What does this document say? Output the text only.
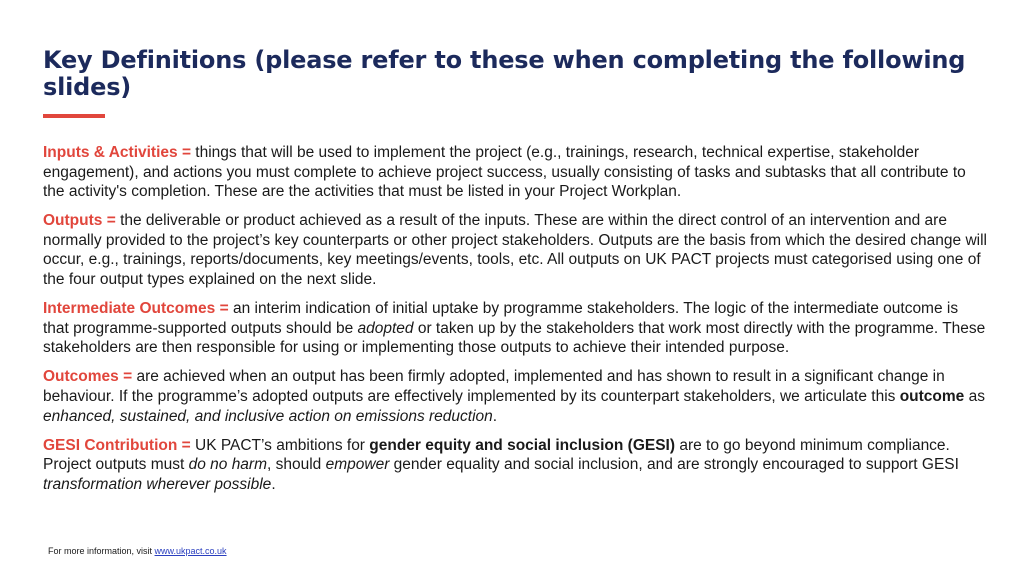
Key Definitions (please refer to these when completing the following slides)

Inputs & Activities = things that will be used to implement the project (e.g., trainings, research, technical expertise, stakeholder engagement), and actions you must complete to achieve project success, usually consisting of tasks and subtasks that all contribute to the activity's completion. These are the activities that must be listed in your Project Workplan.

Outputs = the deliverable or product achieved as a result of the inputs. These are within the direct control of an intervention and are normally provided to the project’s key counterparts or other project stakeholders. Outputs are the basis from which the desired change will occur, e.g., trainings, reports/documents, key meetings/events, tools, etc. All outputs on UK PACT projects must categorised using one of the four output types explained on the next slide.

Intermediate Outcomes = an interim indication of initial uptake by programme stakeholders. The logic of the intermediate outcome is that programme-supported outputs should be adopted or taken up by the stakeholders that work most directly with the programme. These stakeholders are then responsible for using or implementing those outputs to achieve their intended purpose.

Outcomes = are achieved when an output has been firmly adopted, implemented and has shown to result in a significant change in behaviour. If the programme’s adopted outputs are effectively implemented by its counterpart stakeholders, we articulate this outcome as enhanced, sustained, and inclusive action on emissions reduction.

GESI Contribution = UK PACT’s ambitions for gender equity and social inclusion (GESI) are to go beyond minimum compliance. Project outputs must do no harm, should empower gender equality and social inclusion, and are strongly encouraged to support GESI transformation wherever possible.

For more information, visit www.ukpact.co.uk
